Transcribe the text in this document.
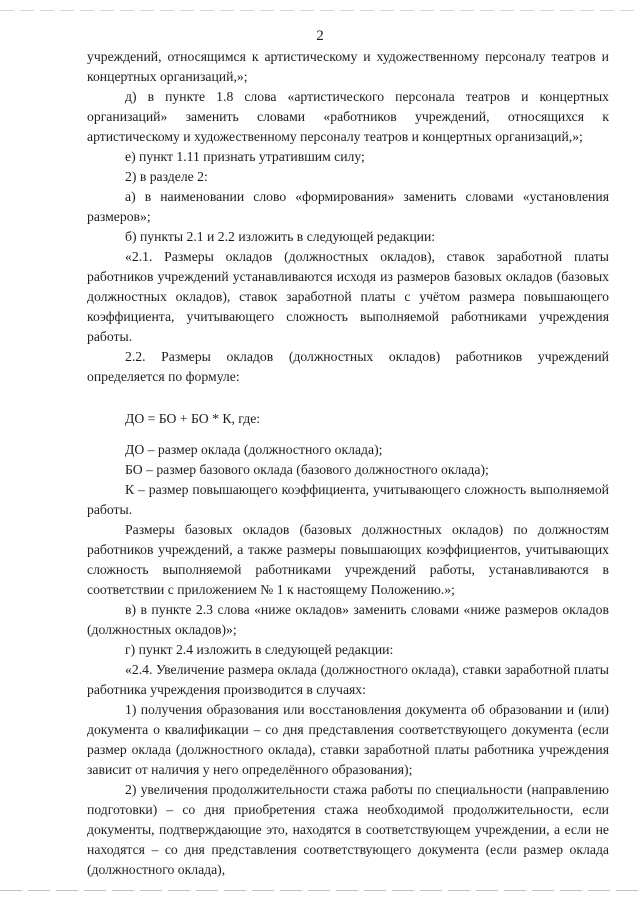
2

учреждений, относящимся к артистическому и художественному персоналу театров и концертных организаций,»;

д) в пункте 1.8 слова «артистического персонала театров и концертных организаций» заменить словами «работников учреждений, относящихся к артистическому и художественному персоналу театров и концертных организаций,»;

е) пункт 1.11 признать утратившим силу;

2) в разделе 2:

а) в наименовании слово «формирования» заменить словами «установления размеров»;

б) пункты 2.1 и 2.2 изложить в следующей редакции:

«2.1. Размеры окладов (должностных окладов), ставок заработной платы работников учреждений устанавливаются исходя из размеров базовых окладов (базовых должностных окладов), ставок заработной платы с учётом размера повышающего коэффициента, учитывающего сложность выполняемой работниками учреждения работы.

2.2. Размеры окладов (должностных окладов) работников учреждений определяется по формуле:

ДО = БО + БО * К, где:

ДО – размер оклада (должностного оклада);

БО – размер базового оклада (базового должностного оклада);

К – размер повышающего коэффициента, учитывающего сложность выполняемой работы.

Размеры базовых окладов (базовых должностных окладов) по должностям работников учреждений, а также размеры повышающих коэффициентов, учитывающих сложность выполняемой работниками учреждений работы, устанавливаются в соответствии с приложением № 1 к настоящему Положению.»;

в) в пункте 2.3 слова «ниже окладов» заменить словами «ниже размеров окладов (должностных окладов)»;

г) пункт 2.4 изложить в следующей редакции:

«2.4. Увеличение размера оклада (должностного оклада), ставки заработной платы работника учреждения производится в случаях:

1) получения образования или восстановления документа об образовании и (или) документа о квалификации – со дня представления соответствующего документа (если размер оклада (должностного оклада), ставки заработной платы работника учреждения зависит от наличия у него определённого образования);

2) увеличения продолжительности стажа работы по специальности (направлению подготовки) – со дня приобретения стажа необходимой продолжительности, если документы, подтверждающие это, находятся в соответствующем учреждении, а если не находятся – со дня представления соответствующего документа (если размер оклада (должностного оклада),
